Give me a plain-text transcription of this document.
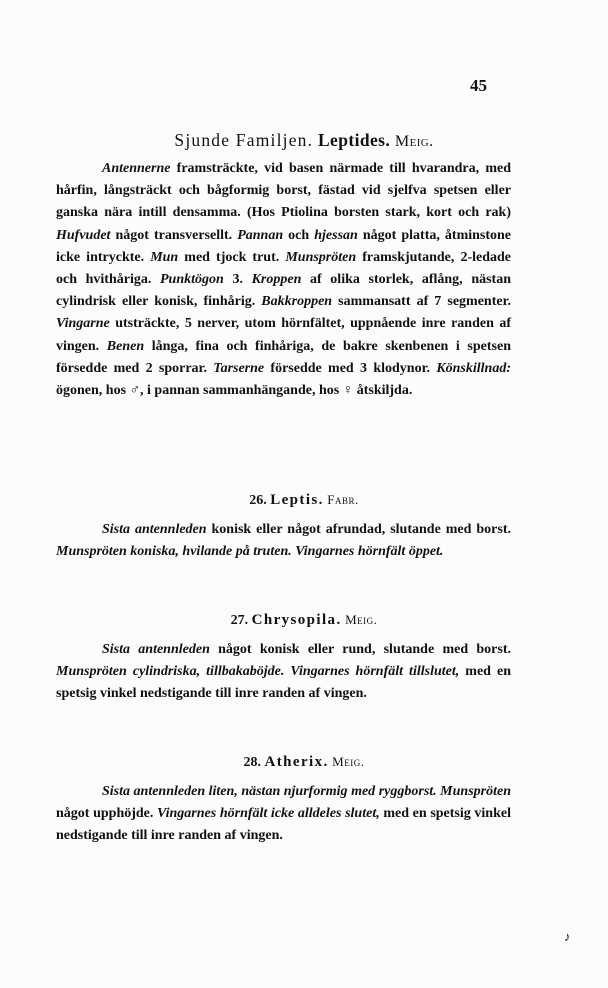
45
Sjunde Familjen. Leptides. Meig.
Antennerne framsträckte, vid basen närmade till hvarandra, med hårfin, långsträckt och bågformig borst, fästad vid sjelfva spetsen eller ganska nära intill densamma. (Hos Ptiolina borsten stark, kort och rak) Hufvudet något transversellt. Pannan och hjessan något platta, åtminstone icke intryckte. Mun med tjock trut. Munspröten framskjutande, 2-ledade och hvithåriga. Punktögon 3. Kroppen af olika storlek, aflång, nästan cylindrisk eller konisk, finhårig. Bakkroppen sammansatt af 7 segmenter. Vingarne utsträckte, 5 nerver, utom hörnfältet, uppnående inre randen af vingen. Benen långa, fina och finhåriga, de bakre skenbenen i spetsen försedde med 2 sporrar. Tarserne försedde med 3 klodynor. Könskillnad: ögonen, hos ♂, i pannan sammanhängande, hos ♀ åtskiljda.
26. Leptis. Fabr.
Sista antennleden konisk eller något afrundad, slutande med borst. Munspröten koniska, hvilande på truten. Vingarnes hörnfält öppet.
27. Chrysopila. Meig.
Sista antennleden något konisk eller rund, slutande med borst. Munspröten cylindriska, tillbakaböjde. Vingarnes hörnfält tillslutet, med en spetsig vinkel nedstigande till inre randen af vingen.
28. Atherix. Meig.
Sista antennleden liten, nästan njurformig med ryggborst. Munspröten något upphöjde. Vingarnes hörnfält icke alldeles slutet, med en spetsig vinkel nedstigande till inre randen af vingen.
♪
